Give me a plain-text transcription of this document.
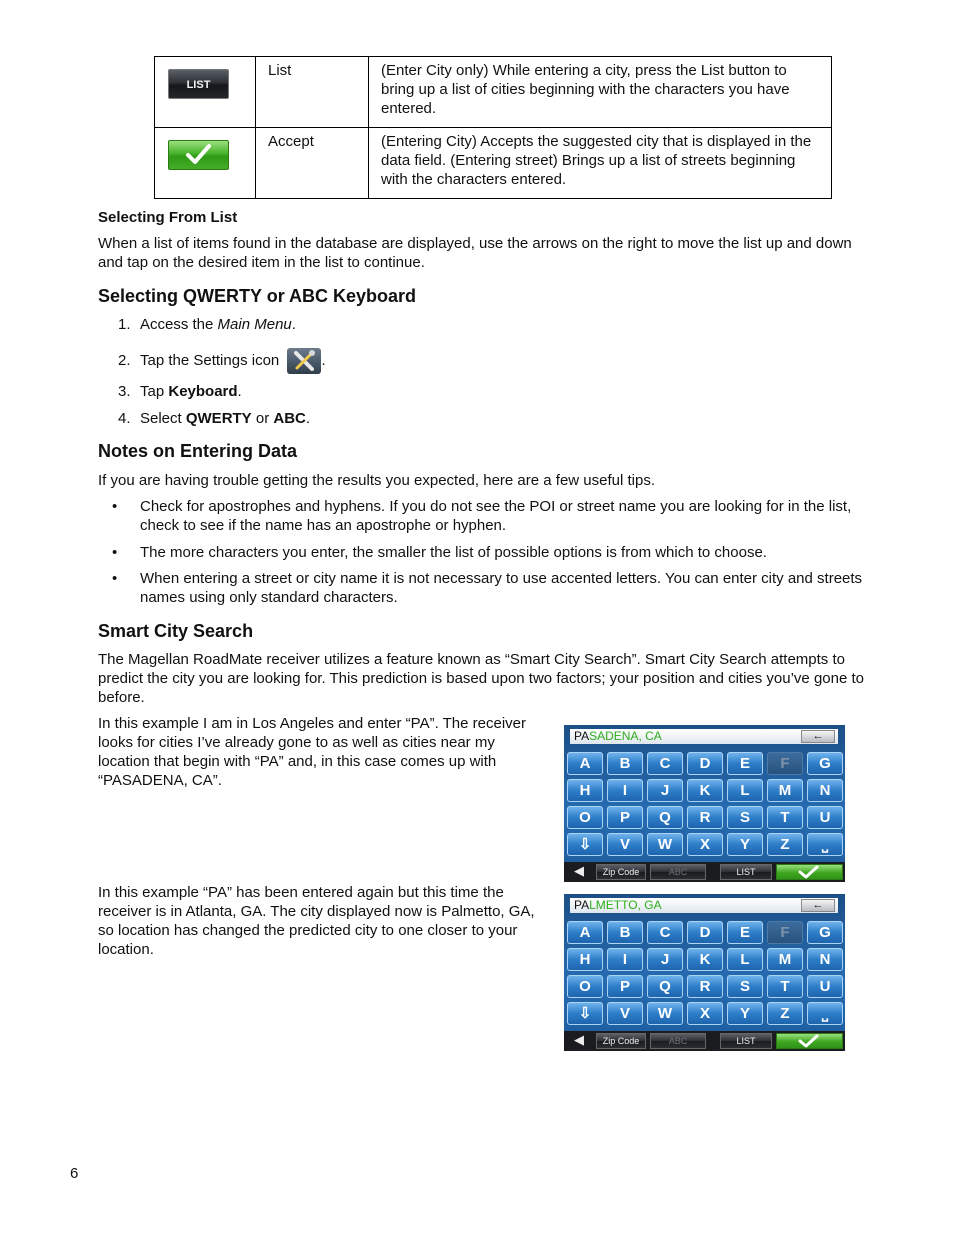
LIST	List	(Enter City only) While entering a city, press the List button to bring up a list of cities beginning with the characters you have entered.

	Accept	(Entering City) Accepts the suggested city that is displayed in the data field. (Entering street) Brings up a list of streets beginning with the characters entered.
Selecting From List

When a list of items found in the database are displayed, use the arrows on the right to move the list up and down and tap on the desired item in the list to continue.

Selecting QWERTY or ABC Keyboard
1. Access the Main Menu.
2. Tap the Settings icon	.
3. Tap Keyboard.
4. Select QWERTY or ABC.
Notes on Entering Data

If you are having trouble getting the results you expected, here are a few useful tips.

• Check for apostrophes and hyphens. If you do not see the POI or street name you are looking for in the list, check to see if the name has an apostrophe or hyphen.
• The more characters you enter, the smaller the list of possible options is from which to choose.
• When entering a street or city name it is not necessary to use accented letters. You can enter city and streets names using only standard characters.
Smart City Search

The Magellan RoadMate receiver utilizes a feature known as “Smart City Search”. Smart City Search attempts to predict the city you are looking for. This prediction is based upon two factors; your position and cities you’ve gone to before.

In this example I am in Los Angeles and enter “PA”. The receiver looks for cities I’ve already gone to as well as cities near my location that begin with “PA” and, in this case comes up with “PASADENA, CA”.

In this example “PA” has been entered again but this time the receiver is in Atlanta, GA. The city displayed now is Palmetto, GA, so location has changed the predicted city to one closer to your location.

PASADENA, CA	←
A	B	C	D	E	F	G
H	I	J	K	L	M	N
O	P	Q	R	S	T	U
⇩	V	W	X	Y	Z	⎵
◀	Zip Code	ABC	LIST
PALMETTO, GA	←
A	B	C	D	E	F	G
H	I	J	K	L	M	N
O	P	Q	R	S	T	U
⇩	V	W	X	Y	Z	⎵
◀	Zip Code	ABC	LIST
6
